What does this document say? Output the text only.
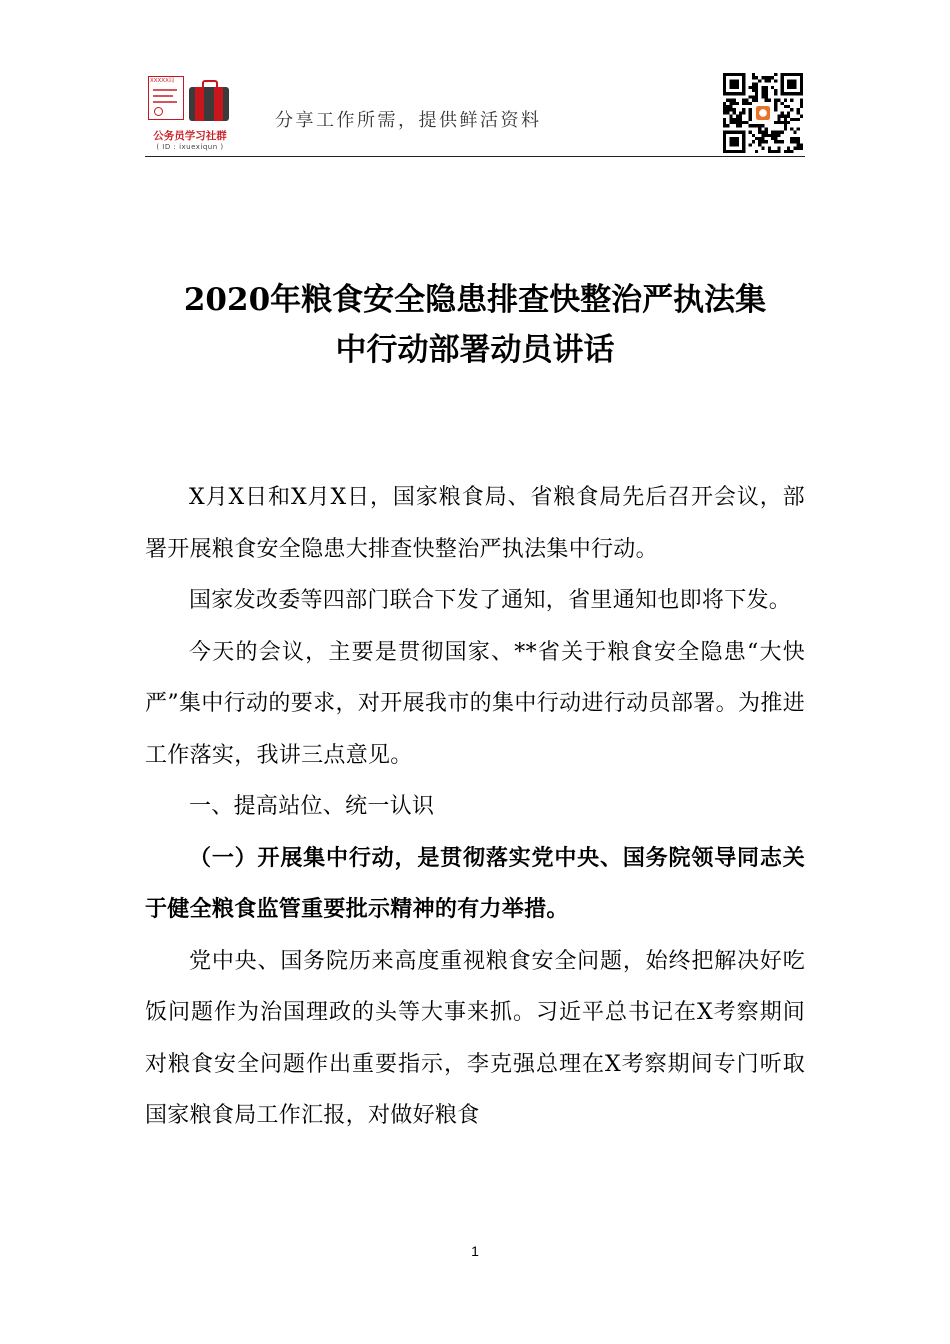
XXXXX局
公务员学习社群
( ID : ixuexiqun )
分享工作所需，提供鲜活资料
2020年粮食安全隐患排查快整治严执法集
中行动部署动员讲话

X月X日和X月X日，国家粮食局、省粮食局先后召开会议，部署开展粮食安全隐患大排查快整治严执法集中行动。

国家发改委等四部门联合下发了通知，省里通知也即将下发。

今天的会议，主要是贯彻国家、**省关于粮食安全隐患“大快严”集中行动的要求，对开展我市的集中行动进行动员部署。为推进工作落实，我讲三点意见。

一、提高站位、统一认识

（一）开展集中行动，是贯彻落实党中央、国务院领导同志关于健全粮食监管重要批示精神的有力举措。

党中央、国务院历来高度重视粮食安全问题，始终把解决好吃饭问题作为治国理政的头等大事来抓。习近平总书记在X考察期间对粮食安全问题作出重要指示，李克强总理在X考察期间专门听取国家粮食局工作汇报，对做好粮食

1
